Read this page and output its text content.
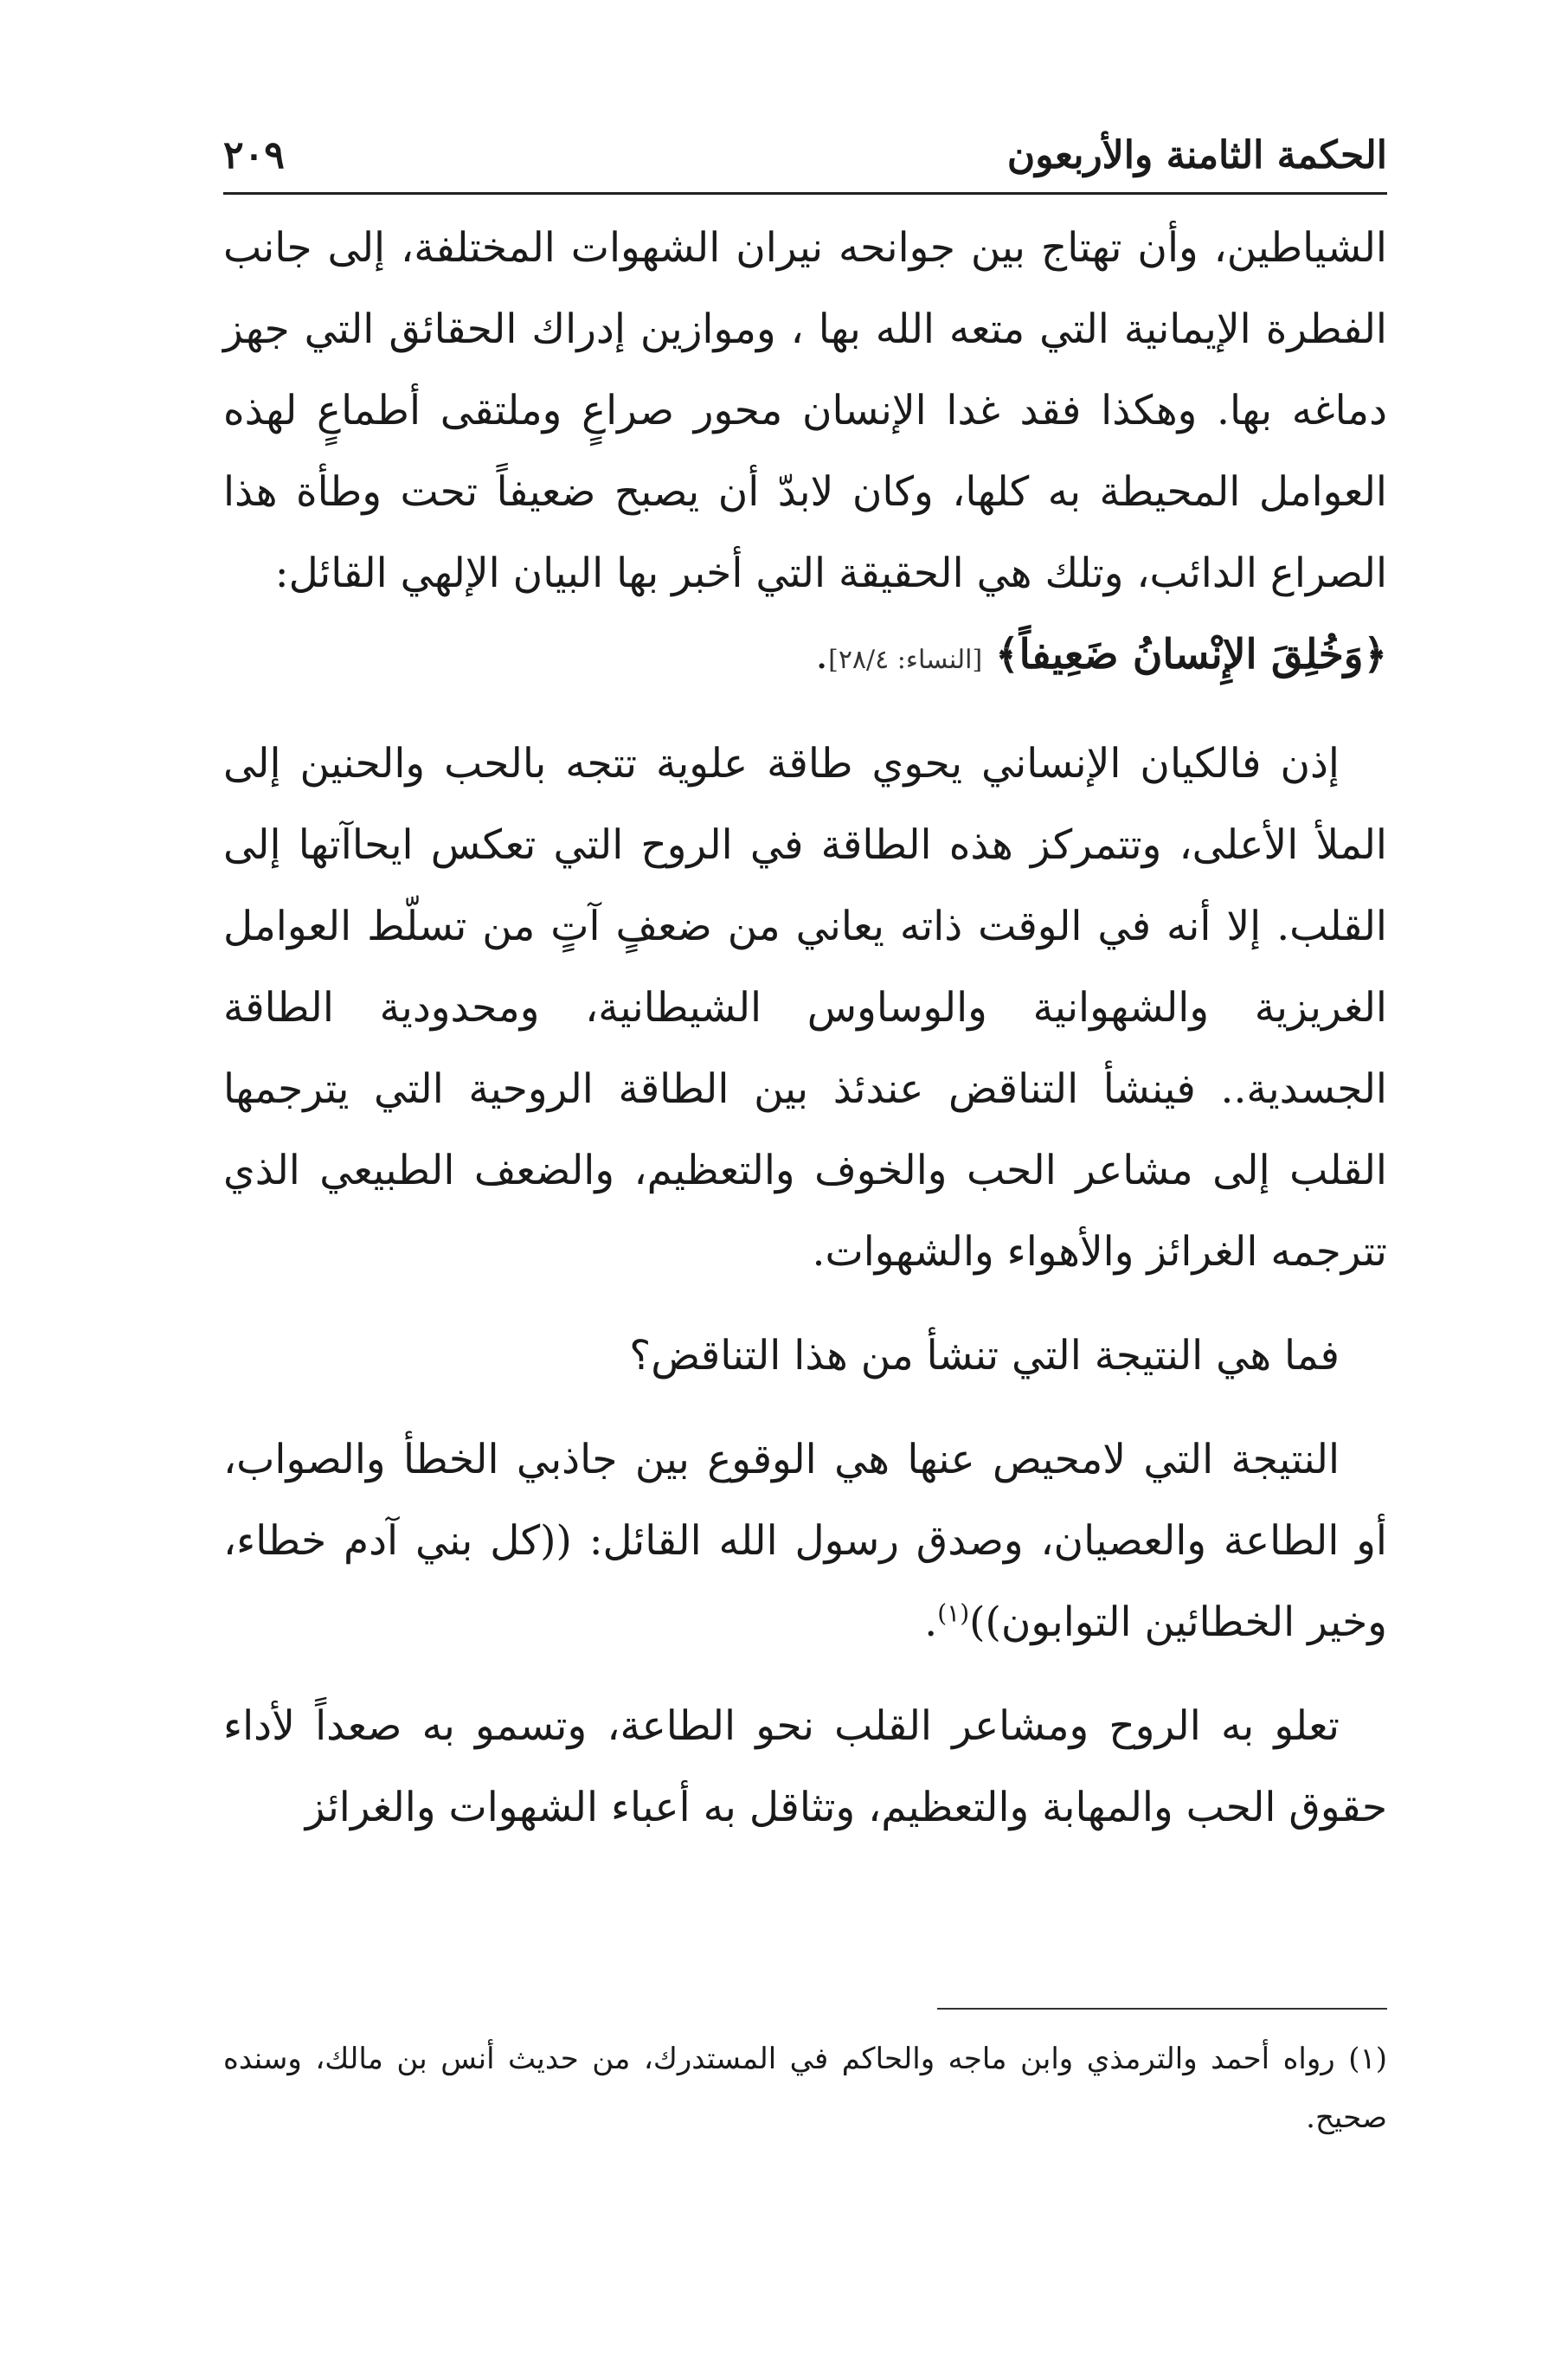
الحكمة الثامنة والأربعون
٢٠٩

الشياطين، وأن تهتاج بين جوانحه نيران الشهوات المختلفة، إلى جانب الفطرة الإيمانية التي متعه الله بها ، وموازين إدراك الحقائق التي جهز دماغه بها. وهكذا فقد غدا الإنسان محور صراعٍ وملتقى أطماعٍ لهذه العوامل المحيطة به كلها، وكان لابدّ أن يصبح ضعيفاً تحت وطأة هذا الصراع الدائب، وتلك هي الحقيقة التي أخبر بها البيان الإلهي القائل:
﴿وَخُلِقَ الإِنْسانُ ضَعِيفاً﴾ [النساء: ٢٨/٤].

إذن فالكيان الإنساني يحوي طاقة علوية تتجه بالحب والحنين إلى الملأ الأعلى، وتتمركز هذه الطاقة في الروح التي تعكس ايحاآتها إلى القلب. إلا أنه في الوقت ذاته يعاني من ضعفٍ آتٍ من تسلّط العوامل الغريزية والشهوانية والوساوس الشيطانية، ومحدودية الطاقة الجسدية.. فينشأ التناقض عندئذ بين الطاقة الروحية التي يترجمها القلب إلى مشاعر الحب والخوف والتعظيم، والضعف الطبيعي الذي تترجمه الغرائز والأهواء والشهوات.

فما هي النتيجة التي تنشأ من هذا التناقض؟

النتيجة التي لامحيص عنها هي الوقوع بين جاذبي الخطأ والصواب، أو الطاعة والعصيان، وصدق رسول الله القائل: ((كل بني آدم خطاء، وخير الخطائين التوابون))$^{(١)}$.

تعلو به الروح ومشاعر القلب نحو الطاعة، وتسمو به صعداً لأداء حقوق الحب والمهابة والتعظيم، وتثاقل به أعباء الشهوات والغرائز

(١) رواه أحمد والترمذي وابن ماجه والحاكم في المستدرك، من حديث أنس بن مالك، وسنده صحيح.
